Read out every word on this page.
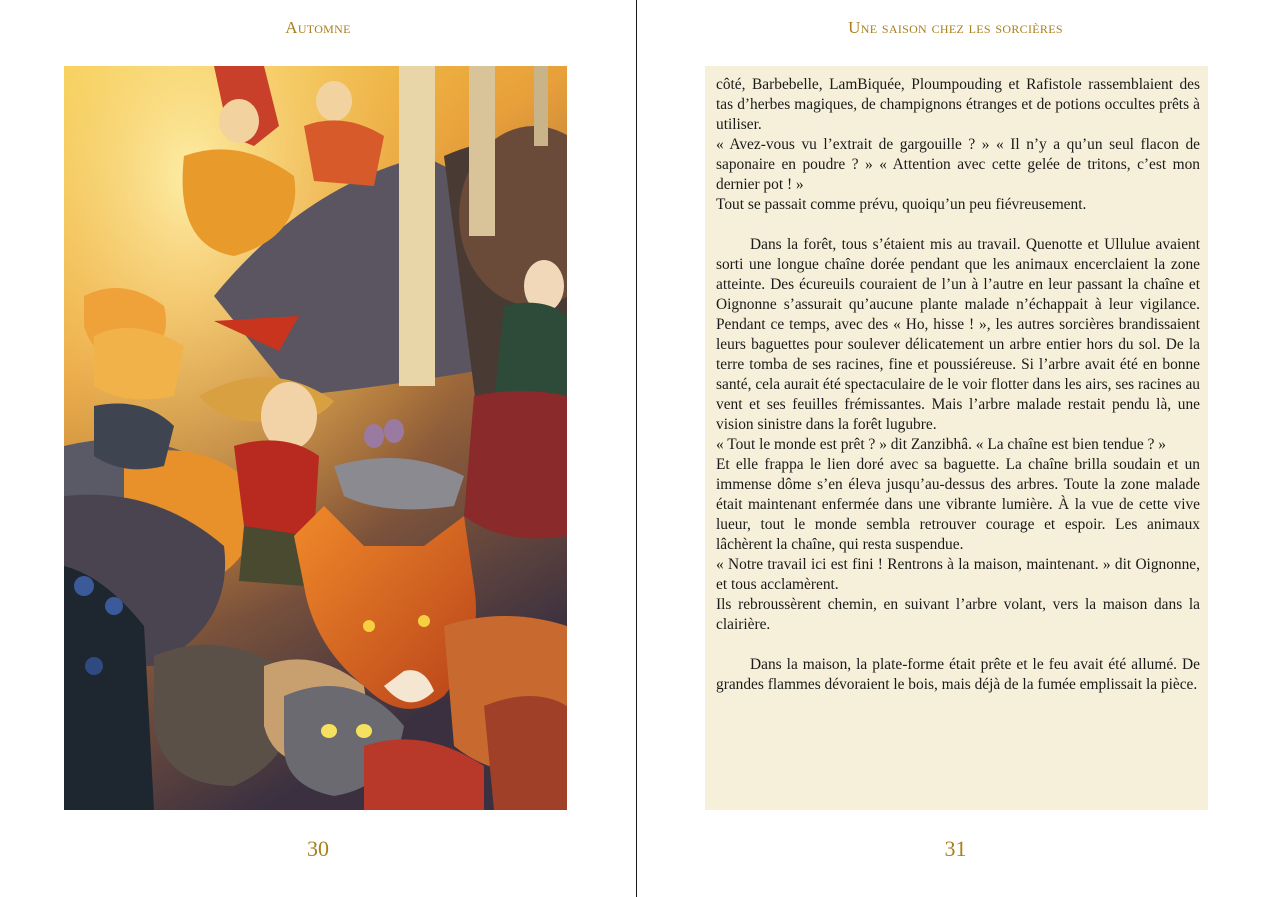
Automne
30
Une saison chez les sorcières

côté, Barbebelle, LamBiquée, Ploumpouding et Rafistole rassemblaient des tas d’herbes magiques, de champignons étranges et de potions occultes prêts à utiliser.

« Avez-vous vu l’extrait de gargouille ? » « Il n’y a qu’un seul flacon de saponaire en poudre ? » « Attention avec cette gelée de tritons, c’est mon dernier pot ! »

Tout se passait comme prévu, quoiqu’un peu fiévreusement.

Dans la forêt, tous s’étaient mis au travail. Quenotte et Ullulue avaient sorti une longue chaîne dorée pendant que les animaux encerclaient la zone atteinte. Des écureuils couraient de l’un à l’autre en leur passant la chaîne et Oignonne s’assurait qu’aucune plante malade n’échappait à leur vigilance. Pendant ce temps, avec des « Ho, hisse ! », les autres sorcières brandissaient leurs baguettes pour soulever délicatement un arbre entier hors du sol. De la terre tomba de ses racines, fine et poussiéreuse. Si l’arbre avait été en bonne santé, cela aurait été spectaculaire de le voir flotter dans les airs, ses racines au vent et ses feuilles frémissantes. Mais l’arbre malade restait pendu là, une vision sinistre dans la forêt lugubre.

« Tout le monde est prêt ? » dit Zanzibhâ. « La chaîne est bien tendue ? »

Et elle frappa le lien doré avec sa baguette. La chaîne brilla soudain et un immense dôme s’en éleva jusqu’au-dessus des arbres. Toute la zone malade était maintenant enfermée dans une vibrante lumière. À la vue de cette vive lueur, tout le monde sembla retrouver courage et espoir. Les animaux lâchèrent la chaîne, qui resta suspendue.

« Notre travail ici est fini ! Rentrons à la maison, maintenant. » dit Oignonne, et tous acclamèrent.

Ils rebroussèrent chemin, en suivant l’arbre volant, vers la maison dans la clairière.

Dans la maison, la plate-forme était prête et le feu avait été allumé. De grandes flammes dévoraient le bois, mais déjà de la fumée emplissait la pièce.

31
